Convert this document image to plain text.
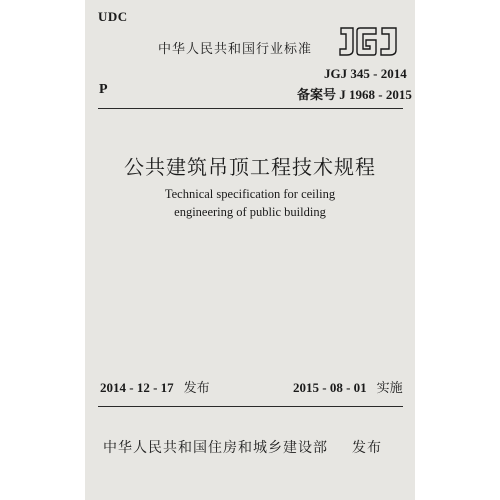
UDC
中华人民共和国行业标准	JGJ
JGJ 345 - 2014
备案号 J 1968 - 2015
P
公共建筑吊顶工程技术规程
Technical specification for ceiling
engineering of public building
2014 - 12 - 17 发布	2015 - 08 - 01 实施
中华人民共和国住房和城乡建设部 发布
